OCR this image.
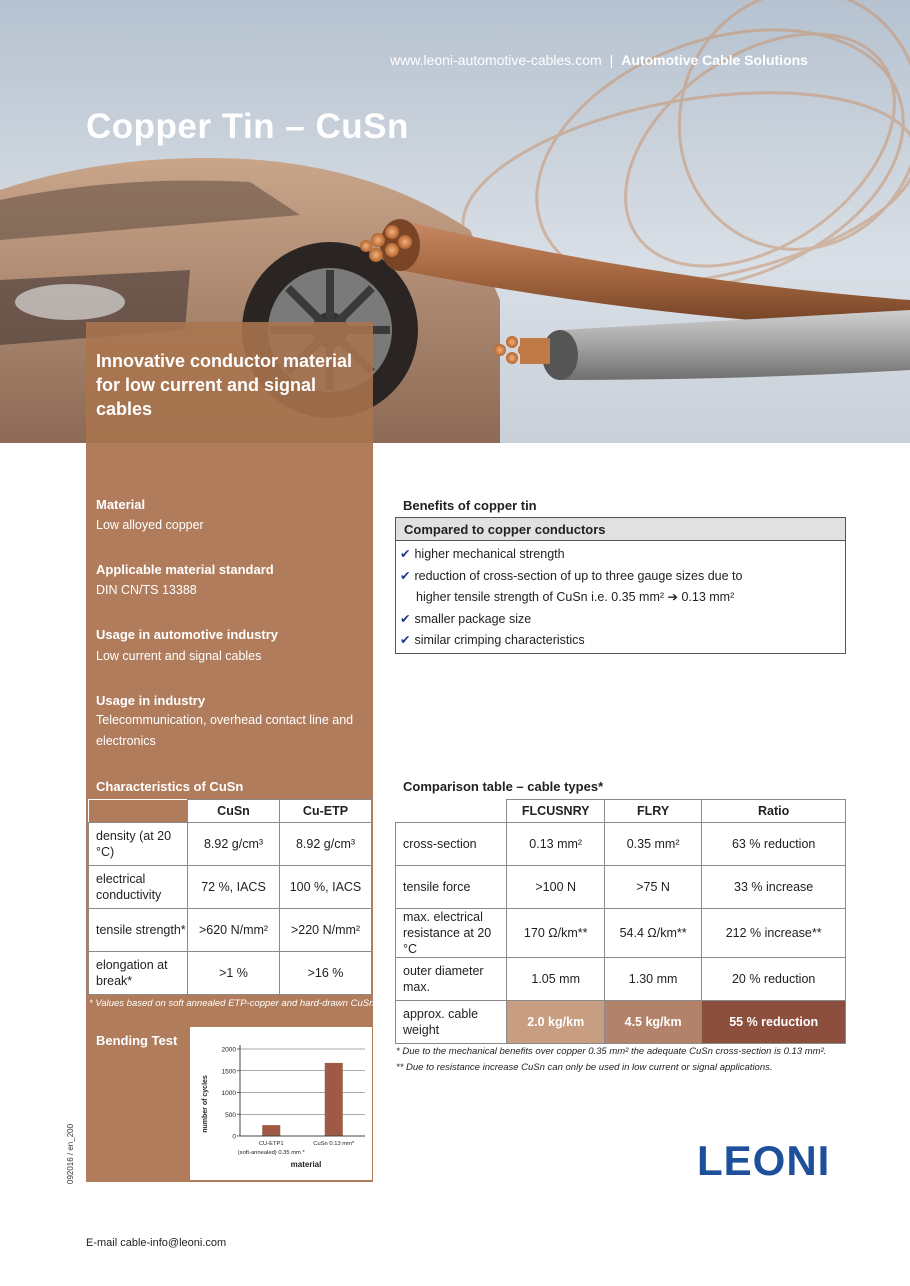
www.leoni-automotive-cables.com | Automotive Cable Solutions
Copper Tin – CuSn
Innovative conductor material for low current and signal cables
Material
Low alloyed copper
Applicable material standard
DIN CN/TS 13388
Usage in automotive industry
Low current and signal cables
Usage in industry
Telecommunication, overhead contact line and electronics
Characteristics of CuSn
	CuSn	Cu-ETP
density (at 20 °C)	8.92 g/cm³	8.92 g/cm³
electrical conductivity	72 %, IACS	100 %, IACS
tensile strength*	>620 N/mm²	>220 N/mm²
elongation at break*	>1 %	>16 %
* Values based on soft annealed ETP-copper and hard-drawn CuSn.
Bending Test
0
500
1000
1500
2000
CU-ETP1
(soft-annealed) 0.35 mm *
CuSn 0.13 mm*
number of cycles
material
092016 / en_200
Benefits of copper tin
Compared to copper conductors
✔ higher mechanical strength
✔ reduction of cross-section of up to three gauge sizes due to
higher tensile strength of CuSn i.e. 0.35 mm² ➔ 0.13 mm²
✔ smaller package size
✔ similar crimping characteristics
Comparison table – cable types*
	FLCUSNRY	FLRY	Ratio
cross-section	0.13 mm²	0.35 mm²	63 % reduction
tensile force	>100 N	>75 N	33 % increase
max. electrical resistance at 20 °C	170 Ω/km**	54.4 Ω/km**	212 % increase**
outer diameter max.	1.05 mm	1.30 mm	20 % reduction
approx. cable weight	2.0 kg/km	4.5 kg/km	55 % reduction
* Due to the mechanical benefits over copper 0.35 mm² the adequate CuSn cross-section is 0.13 mm².
** Due to resistance increase CuSn can only be used in low current or signal applications.
LEONI
E-mail cable-info@leoni.com
